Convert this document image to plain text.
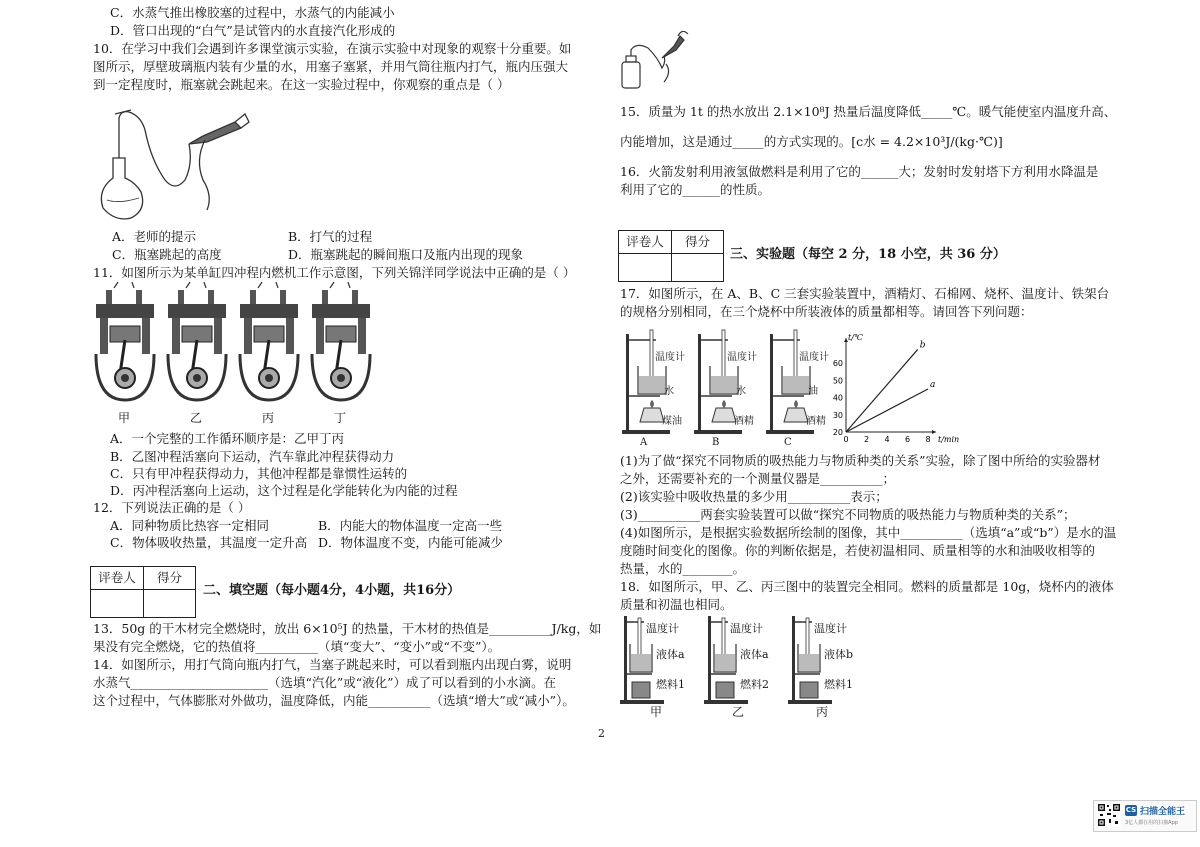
C．水蒸气推出橡胶塞的过程中，水蒸气的内能减小
D．管口出现的“白气”是试管内的水直接汽化形成的
10．在学习中我们会遇到许多课堂演示实验，在演示实验中对现象的观察十分重要。如
图所示，厚壁玻璃瓶内装有少量的水，用塞子塞紧，并用气筒往瓶内打气，瓶内压强大
到一定程度时，瓶塞就会跳起来。在这一实验过程中，你观察的重点是（ ）
A．老师的提示	B．打气的过程
C．瓶塞跳起的高度	D．瓶塞跳起的瞬间瓶口及瓶内出现的现象
11．如图所示为某单缸四冲程内燃机工作示意图，下列关锦洋同学说法中正确的是（ ）
甲	乙	丙	丁
A．一个完整的工作循环顺序是：乙甲丁丙
B．乙图冲程活塞向下运动，汽车靠此冲程获得动力
C．只有甲冲程获得动力，其他冲程都是靠惯性运转的
D．丙冲程活塞向上运动，这个过程是化学能转化为内能的过程
12．下列说法正确的是（ ）
A．同种物质比热容一定相同	B．内能大的物体温度一定高一些
C．物体吸收热量，其温度一定升高 D．物体温度不变，内能可能减少
评卷人	得分
二、填空题（每小题4分，4小题，共16分）
13．50g 的干木材完全燃烧时，放出 6×10⁵J 的热量，干木材的热值是__________J/kg，如
果没有完全燃烧，它的热值将__________（填“变大”、“变小”或“不变”）。
14．如图所示，用打气筒向瓶内打气，当塞子跳起来时，可以看到瓶内出现白雾，说明
水蒸气______________________（选填“汽化”或“液化”）成了可以看到的小水滴。在
这个过程中，气体膨胀对外做功，温度降低，内能__________（选填“增大”或“减小”）。
15．质量为 1t 的热水放出 2.1×10⁸J 热量后温度降低_____℃。暖气能使室内温度升高、
内能增加，这是通过_____的方式实现的。[c水 = 4.2×10³J/(kg·℃)]
16．火箭发射利用液氢做燃料是利用了它的______大；发射时发射塔下方利用水降温是
利用了它的______的性质。
评卷人	得分
三、实验题（每空 2 分，18 小空，共 36 分）
17．如图所示，在 A、B、C 三套实验装置中，酒精灯、石棉网、烧杯、温度计、铁架台
的规格分别相同，在三个烧杯中所装液体的质量都相等。请回答下列问题：
温度计	温度计	温度计
水	水	油
煤油	酒精	酒精
A	B	C	0 2 4 6 8
20
30
40
50
60
t/min
t/℃
b
a
(1)为了做“探究不同物质的吸热能力与物质种类的关系”实验，除了图中所给的实验器材
之外，还需要补充的一个测量仪器是__________；
(2)该实验中吸收热量的多少用__________表示；
(3)__________两套实验装置可以做“探究不同物质的吸热能力与物质种类的关系”；
(4)如图所示，是根据实验数据所绘制的图像，其中__________（选填“a”或“b”）是水的温
度随时间变化的图像。你的判断依据是，若使初温相同、质量相等的水和油吸收相等的
热量，水的________。
18．如图所示，甲、乙、丙三图中的装置完全相同。燃料的质量都是 10g，烧杯内的液体
质量和初温也相同。
温度计	温度计	温度计
液体a	液体a	液体b
燃料1	燃料2	燃料1
甲	乙	丙
2
CS 扫描全能王
3亿人都在用的扫描App
